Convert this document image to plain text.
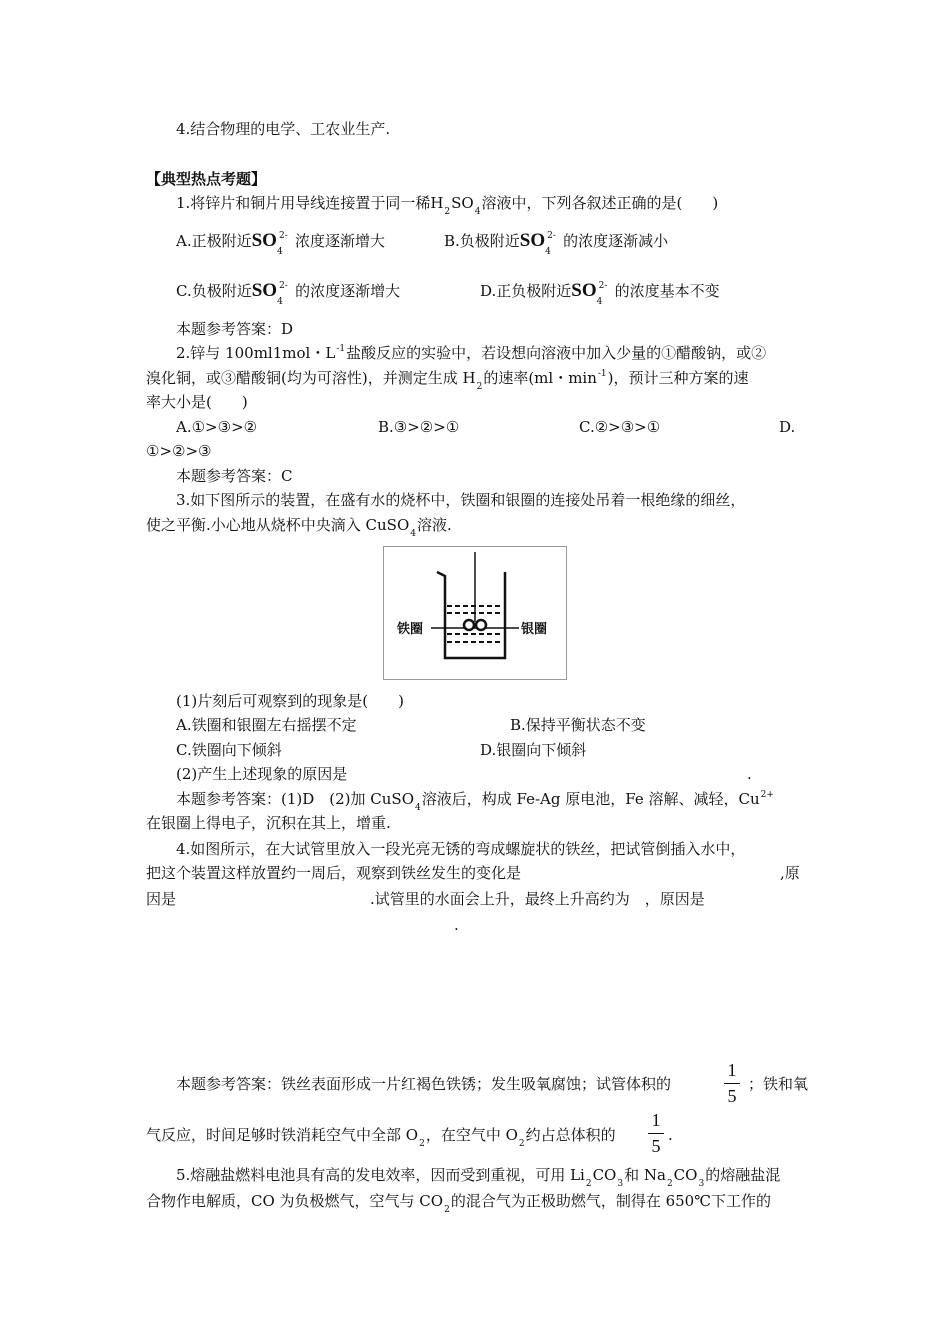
4.结合物理的电学、工农业生产.
【典型热点考题】
1.将锌片和铜片用导线连接置于同一稀$H_2SO_4$溶液中，下列各叙述正确的是(　　)
A.正极附近SO 2-
4
浓度逐渐增大	B.负极附近SO 2-
4
的浓度逐渐减小
C.负极附近SO 2-
4
的浓度逐渐增大	D.正负极附近SO 2-
4
的浓度基本不变
本题参考答案：D
2.锌与 100ml1mol・$L^{-1}$盐酸反应的实验中，若设想向溶液中加入少量的①醋酸钠，或②
溴化铜，或③醋酸铜(均为可溶性)，并测定生成 $H_2$的速率(ml・$\min^{-1}$)，预计三种方案的速
率大小是(　　)
A.①>③>②	B.③>②>①	C.②>③>①	D.
①>②>③
本题参考答案：C
3.如下图所示的装置，在盛有水的烧杯中，铁圈和银圈的连接处吊着一根绝缘的细丝，
使之平衡.小心地从烧杯中央滴入 CuSO$_4$溶液.
铁圈	银圈
(1)片刻后可观察到的现象是(　　)
A.铁圈和银圈左右摇摆不定	B.保持平衡状态不变
C.铁圈向下倾斜	D.银圈向下倾斜
(2)产生上述现象的原因是	.
本题参考答案：(1)D　(2)加 CuSO$_4$溶液后，构成 Fe-Ag 原电池，Fe 溶解、减轻，$Cu^{2+}$
在银圈上得电子，沉积在其上，增重.
4.如图所示，在大试管里放入一段光亮无锈的弯成螺旋状的铁丝，把试管倒插入水中，
把这个装置这样放置约一周后，观察到铁丝发生的变化是	,原
因是	.试管里的水面会上升，最终上升高约为　，原因是
.
本题参考答案：铁丝表面形成一片红褐色铁锈；发生吸氧腐蚀；试管体积的
1
5
；铁和氧
气反应，时间足够时铁消耗空气中全部 $O_2$，在空气中 $O_2$约占总体积的
1
5
.
5.熔融盐燃料电池具有高的发电效率，因而受到重视，可用 $Li_2CO_3$和 $Na_2CO_3$的熔融盐混
合物作电解质，CO 为负极燃气，空气与 $CO_2$的混合气为正极助燃气，制得在 650℃下工作的
